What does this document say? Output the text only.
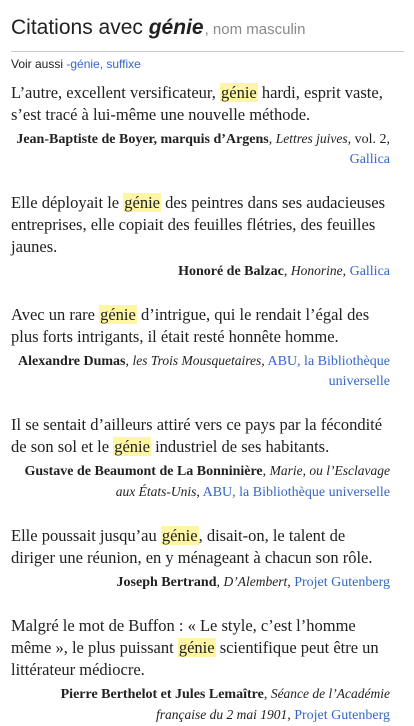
Citations avec génie, nom masculin
Voir aussi -génie, suffixe

L’autre, excellent versificateur, génie hardi, esprit vaste, s’est tracé à lui-même une nouvelle méthode.

Jean-Baptiste de Boyer, marquis d’Argens, Lettres juives, vol. 2, Gallica

Elle déployait le génie des peintres dans ses audacieuses entreprises, elle copiait des feuilles flétries, des feuilles jaunes.

Honoré de Balzac, Honorine, Gallica

Avec un rare génie d’intrigue, qui le rendait l’égal des plus forts intrigants, il était resté honnête homme.

Alexandre Dumas, les Trois Mousquetaires, ABU, la Bibliothèque universelle

Il se sentait d’ailleurs attiré vers ce pays par la fécondité de son sol et le génie industriel de ses habitants.

Gustave de Beaumont de La Bonninière, Marie, ou l’Esclavage aux États-Unis, ABU, la Bibliothèque universelle

Elle poussait jusqu’au génie, disait-on, le talent de diriger une réunion, en y ménageant à chacun son rôle.

Joseph Bertrand, D’Alembert, Projet Gutenberg

Malgré le mot de Buffon : « Le style, c’est l’homme même », le plus puissant génie scientifique peut être un littérateur médiocre.

Pierre Berthelot et Jules Lemaître, Séance de l’Académie française du 2 mai 1901, Projet Gutenberg
